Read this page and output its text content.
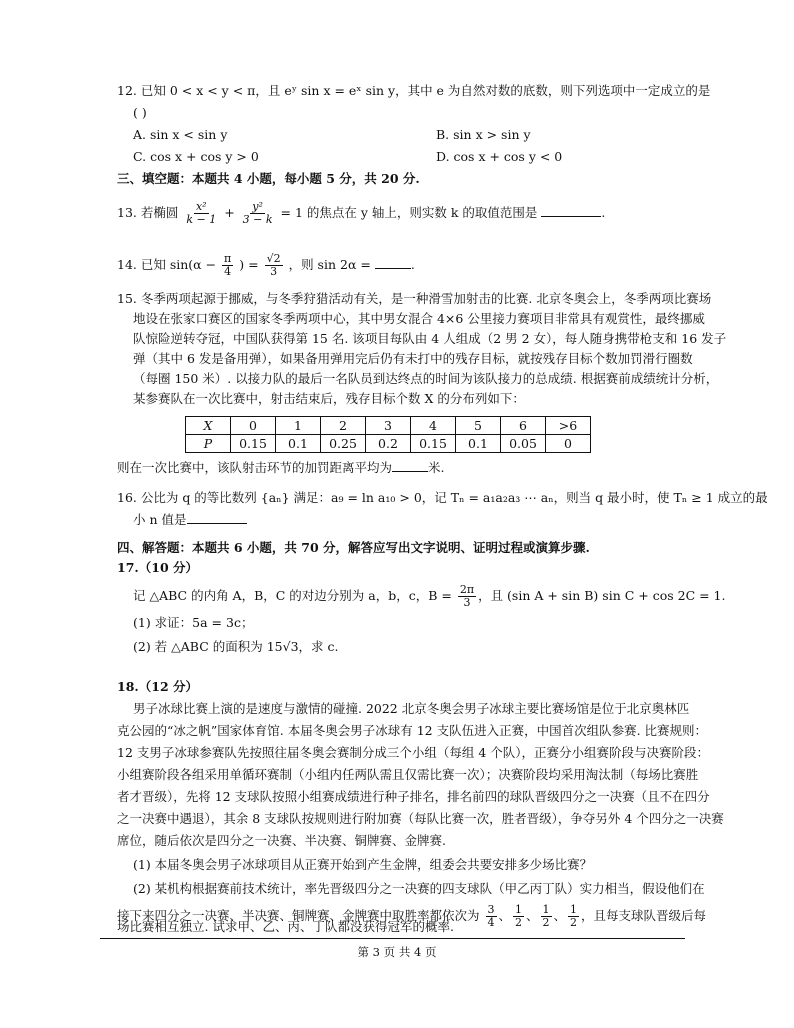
12. 已知 0 < x < y < π，且 eʸ sin x = eˣ sin y，其中 e 为自然对数的底数，则下列选项中一定成立的是
( )
A. sin x < sin y	B. sin x > sin y
C. cos x + cos y > 0	D. cos x + cos y < 0
三、填空题：本题共 4 小题，每小题 5 分，共 20 分.
13. 若椭圆 $\frac{\text{x²}}{k - 1} + \frac{\text{y²}}{3 - k} = 1$ 的焦点在 y 轴上，则实数 k 的取值范围是	.
14. 已知 $\sin(\alpha - \frac{\pi}{4}$ ) = $\frac{√2}{3}$ ，则 sin 2α =	.
15. 冬季两项起源于挪威，与冬季狩猎活动有关，是一种滑雪加射击的比赛. 北京冬奥会上，冬季两项比赛场
地设在张家口赛区的国家冬季两项中心，其中男女混合 4×6 公里接力赛项目非常具有观赏性，最终挪威
队惊险逆转夺冠，中国队获得第 15 名. 该项目每队由 4 人组成（2 男 2 女），每人随身携带枪支和 16 发子
弹（其中 6 发是备用弹），如果备用弹用完后仍有未打中的残存目标，就按残存目标个数加罚滑行圈数
（每圈 150 米）. 以接力队的最后一名队员到达终点的时间为该队接力的总成绩. 根据赛前成绩统计分析，
某参赛队在一次比赛中，射击结束后，残存目标个数 X 的分布列如下：
X	0	1	2	3	4	5	6	>6
P	0.15	0.1	0.25	0.2	0.15	0.1	0.05	0
则在一次比赛中，该队射击环节的加罚距离平均为	米.
16. 公比为 q 的等比数列 {aₙ} 满足：a₉ = ln a₁₀ > 0，记 Tₙ = a₁a₂a₃ ⋯ aₙ，则当 q 最小时，使 Tₙ ≥ 1 成立的最
小 n 值是
四、解答题：本题共 6 小题，共 70 分，解答应写出文字说明、证明过程或演算步骤.
17.（10 分）
记 △ABC 的内角 A，B，C 的对边分别为 a，b，c，$B = \frac{2\pi}{3}$ ，且 (sin A + sin B) sin C + cos 2C = 1.
(1) 求证：5a = 3c；
(2) 若 △ABC 的面积为 15√3，求 c.
18.（12 分）
男子冰球比赛上演的是速度与激情的碰撞. 2022 北京冬奥会男子冰球主要比赛场馆是位于北京奥林匹
克公园的“冰之帆”国家体育馆. 本届冬奥会男子冰球有 12 支队伍进入正赛，中国首次组队参赛. 比赛规则：
12 支男子冰球参赛队先按照往届冬奥会赛制分成三个小组（每组 4 个队），正赛分小组赛阶段与决赛阶段：
小组赛阶段各组采用单循环赛制（小组内任两队需且仅需比赛一次）；决赛阶段均采用淘汰制（每场比赛胜
者才晋级），先将 12 支球队按照小组赛成绩进行种子排名，排名前四的球队晋级四分之一决赛（且不在四分
之一决赛中遇退），其余 8 支球队按规则进行附加赛（每队比赛一次，胜者晋级），争夺另外 4 个四分之一决赛
席位，随后依次是四分之一决赛、半决赛、铜牌赛、金牌赛.
(1) 本届冬奥会男子冰球项目从正赛开始到产生金牌，组委会共要安排多少场比赛？
(2) 某机构根据赛前技术统计，率先晋级四分之一决赛的四支球队（甲乙丙丁队）实力相当，假设他们在
接下来四分之一决赛、半决赛、铜牌赛、金牌赛中取胜率都依次为 $\frac{3}{4}$ 、 $\frac{1}{2}$ 、 $\frac{1}{2}$ 、 $\frac{1}{2}$ ，且每支球队晋级后每
场比赛相互独立. 试求甲、乙、丙、丁队都没获得冠军的概率.
第 3 页 共 4 页
